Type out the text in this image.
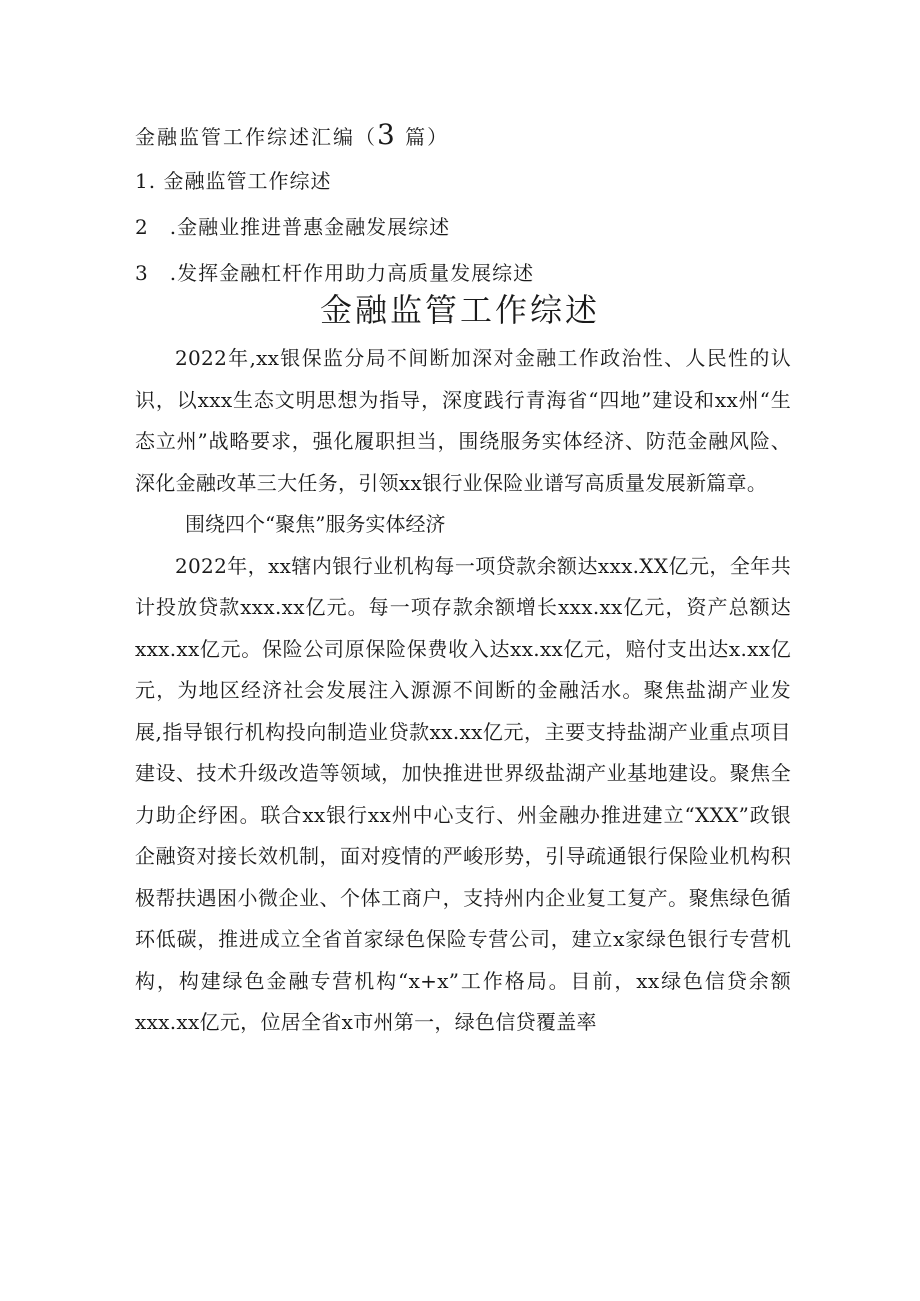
金融监管工作综述汇编（3 篇）
1. 金融监管工作综述
2　.金融业推进普惠金融发展综述
3　.发挥金融杠杆作用助力高质量发展综述
金融监管工作综述

2022年,xx银保监分局不间断加深对金融工作政治性、人民性的认识，以xxx生态文明思想为指导，深度践行青海省“四地”建设和xx州“生态立州”战略要求，强化履职担当，围绕服务实体经济、防范金融风险、深化金融改革三大任务，引领xx银行业保险业谱写高质量发展新篇章。

围绕四个“聚焦”服务实体经济

2022年，xx辖内银行业机构每一项贷款余额达xxx.XX亿元，全年共计投放贷款xxx.xx亿元。每一项存款余额增长xxx.xx亿元，资产总额达xxx.xx亿元。保险公司原保险保费收入达xx.xx亿元，赔付支出达x.xx亿元，为地区经济社会发展注入源源不间断的金融活水。聚焦盐湖产业发展,指导银行机构投向制造业贷款xx.xx亿元，主要支持盐湖产业重点项目建设、技术升级改造等领域，加快推进世界级盐湖产业基地建设。聚焦全力助企纾困。联合xx银行xx州中心支行、州金融办推进建立“XXX”政银企融资对接长效机制，面对疫情的严峻形势，引导疏通银行保险业机构积极帮扶遇困小微企业、个体工商户，支持州内企业复工复产。聚焦绿色循环低碳，推进成立全省首家绿色保险专营公司，建立x家绿色银行专营机构，构建绿色金融专营机构“x+x”工作格局。目前，xx绿色信贷余额xxx.xx亿元，位居全省x市州第一，绿色信贷覆盖率
